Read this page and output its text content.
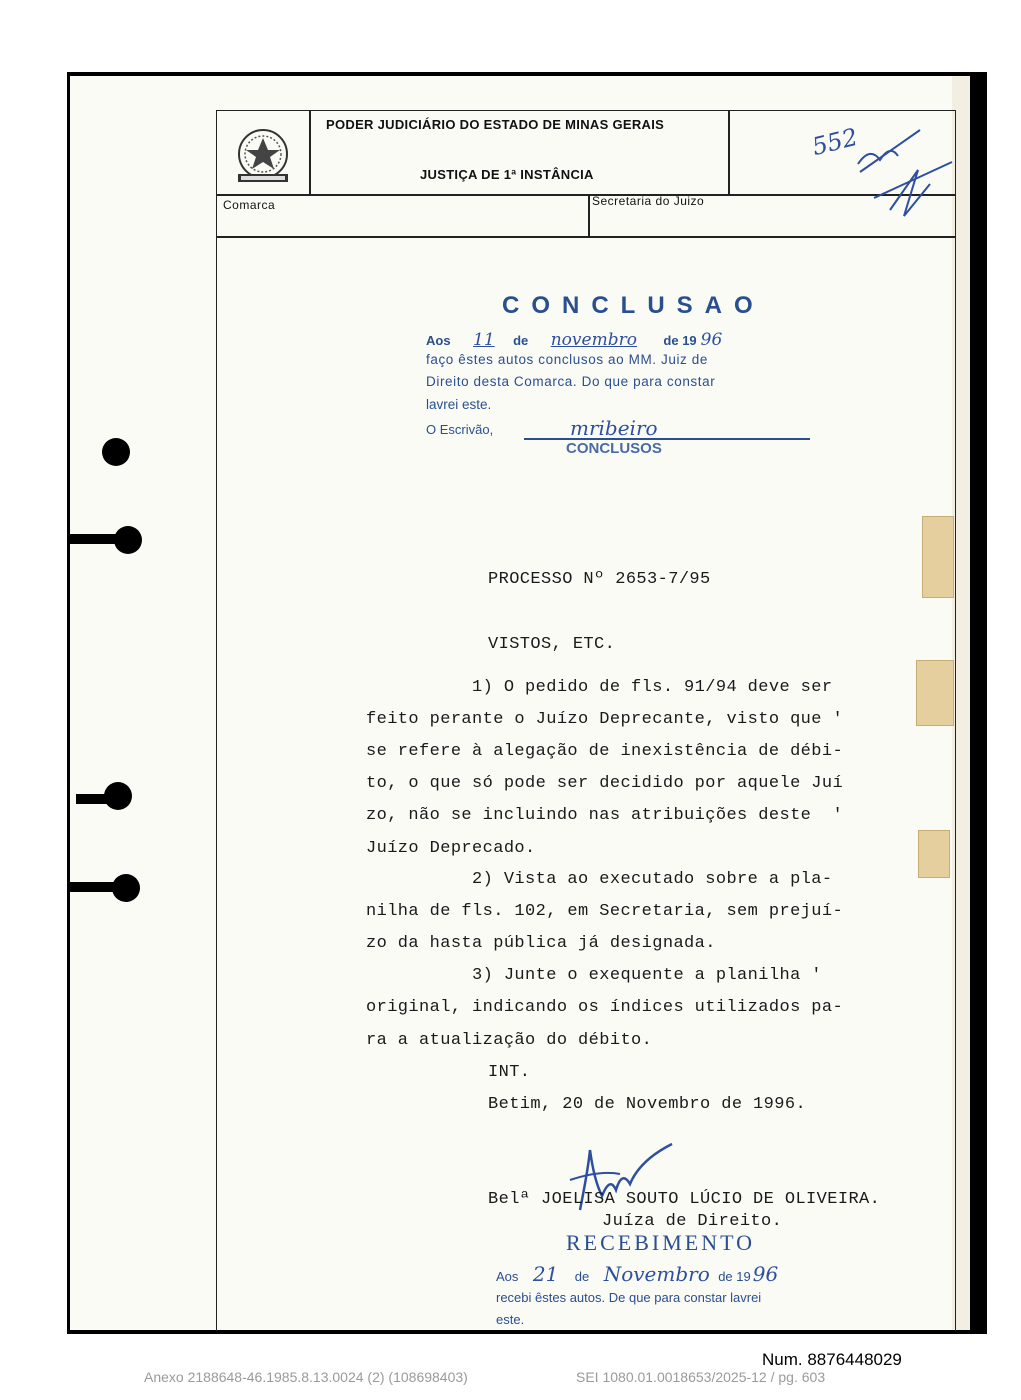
PODER JUDICIÁRIO DO ESTADO DE MINAS GERAIS
JUSTIÇA DE 1ª INSTÂNCIA
Comarca	Secretaria do Juizo
552
CONCLUSAO
Aos 11 de novembro de 19 96
faço êstes autos conclusos ao MM. Juiz de
Direito desta Comarca. Do que para constar
lavrei este.
O Escrivão,	mribeiro
CONCLUSOS
PROCESSO Nº 2653-7/95
VISTOS, ETC.
1) O pedido de fls. 91/94 deve ser
feito perante o Juízo Deprecante, visto que '
se refere à alegação de inexistência de débi-
to, o que só pode ser decidido por aquele Juí
zo, não se incluindo nas atribuições deste  '
Juízo Deprecado.
2) Vista ao executado sobre a pla-
nilha de fls. 102, em Secretaria, sem prejuí-
zo da hasta pública já designada.
3) Junte o exequente a planilha '
original, indicando os índices utilizados pa-
ra a atualização do débito.
INT.
Betim, 20 de Novembro de 1996.
Belª JOELISA SOUTO LÚCIO DE OLIVEIRA.
Juíza de Direito.
RECEBIMENTO
Aos 21 de Novembro de 19 96
recebi êstes autos. De que para constar lavrei
este.
Num. 8876448029
Anexo 2188648-46.1985.8.13.0024 (2) (108698403)	SEI 1080.01.0018653/2025-12 / pg. 603
